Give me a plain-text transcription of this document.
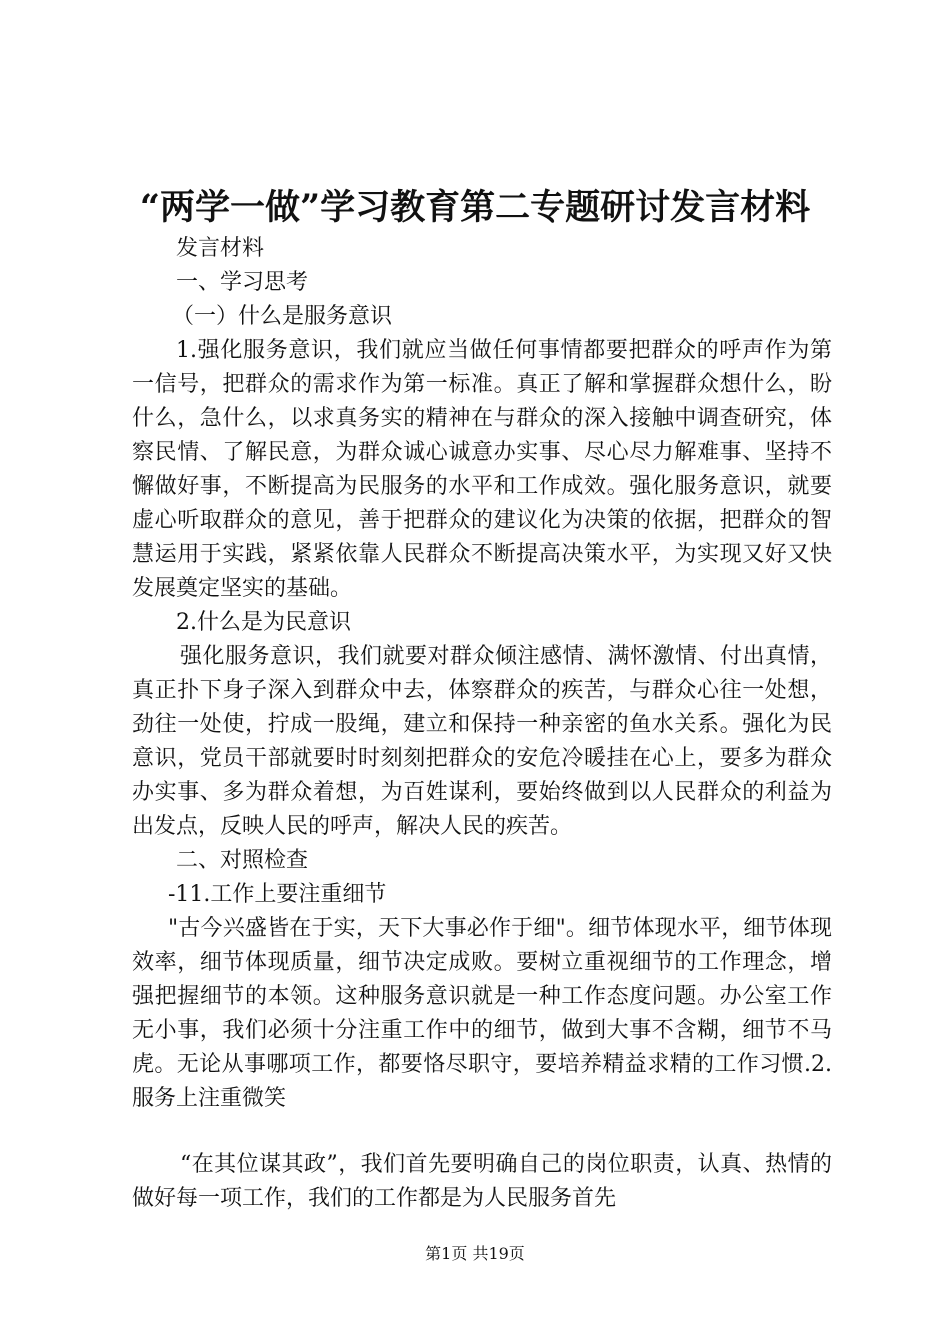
“两学一做”学习教育第二专题研讨发言材料

发言材料

一、学习思考

（一）什么是服务意识

1.强化服务意识，我们就应当做任何事情都要把群众的呼声作为第一信号，把群众的需求作为第一标准。真正了解和掌握群众想什么，盼什么，急什么，以求真务实的精神在与群众的深入接触中调查研究，体察民情、了解民意，为群众诚心诚意办实事、尽心尽力解难事、坚持不懈做好事，不断提高为民服务的水平和工作成效。强化服务意识，就要虚心听取群众的意见，善于把群众的建议化为决策的依据，把群众的智慧运用于实践，紧紧依靠人民群众不断提高决策水平，为实现又好又快发展奠定坚实的基础。

2.什么是为民意识

强化服务意识，我们就要对群众倾注感情、满怀激情、付出真情，真正扑下身子深入到群众中去，体察群众的疾苦，与群众心往一处想，劲往一处使，拧成一股绳，建立和保持一种亲密的鱼水关系。强化为民意识，党员干部就要时时刻刻把群众的安危冷暖挂在心上，要多为群众办实事、多为群众着想，为百姓谋利，要始终做到以人民群众的利益为出发点，反映人民的呼声，解决人民的疾苦。

二、对照检查

-11.工作上要注重细节

"古今兴盛皆在于实，天下大事必作于细"。细节体现水平，细节体现效率，细节体现质量，细节决定成败。要树立重视细节的工作理念，增强把握细节的本领。这种服务意识就是一种工作态度问题。办公室工作无小事，我们必须十分注重工作中的细节，做到大事不含糊，细节不马虎。无论从事哪项工作，都要恪尽职守，要培养精益求精的工作习惯.2.服务上注重微笑

“在其位谋其政”，我们首先要明确自己的岗位职责，认真、热情的做好每一项工作，我们的工作都是为人民服务首先

第1页 共19页
